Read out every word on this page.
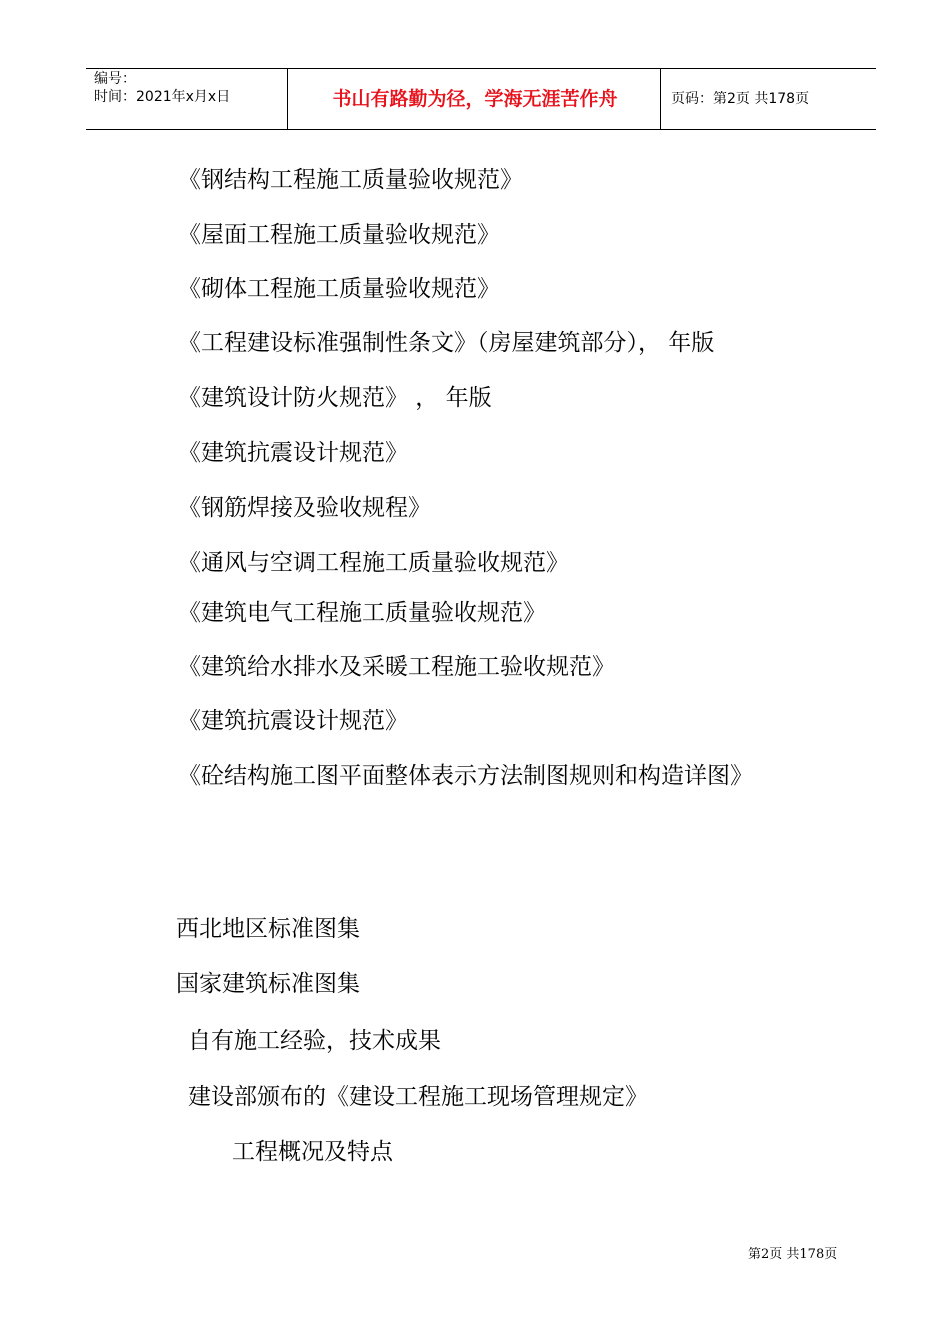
编号：
时间：2021年x月x日	书山有路勤为径，学海无涯苦作舟	页码：第2页 共178页
《钢结构工程施工质量验收规范》
《屋面工程施工质量验收规范》
《砌体工程施工质量验收规范》
《工程建设标准强制性条文》（房屋建筑部分）， 年版
《建筑设计防火规范》 ， 年版
《建筑抗震设计规范》
《钢筋焊接及验收规程》
《通风与空调工程施工质量验收规范》
《建筑电气工程施工质量验收规范》
《建筑给水排水及采暖工程施工验收规范》
《建筑抗震设计规范》
《砼结构施工图平面整体表示方法制图规则和构造详图》
西北地区标准图集
国家建筑标准图集
自有施工经验，技术成果
建设部颁布的《建设工程施工现场管理规定》
工程概况及特点
第2页 共178页
